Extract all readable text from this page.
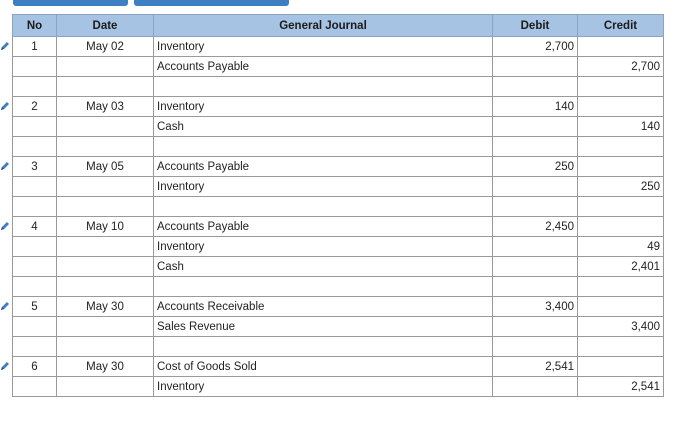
No	Date	General Journal	Debit	Credit
1	May 02	Inventory	2,700	
		Accounts Payable		2,700

2	May 03	Inventory	140	
		Cash		140

3	May 05	Accounts Payable	250	
		Inventory		250

4	May 10	Accounts Payable	2,450	
		Inventory		49
		Cash		2,401

5	May 30	Accounts Receivable	3,400	
		Sales Revenue		3,400

6	May 30	Cost of Goods Sold	2,541	
		Inventory		2,541
